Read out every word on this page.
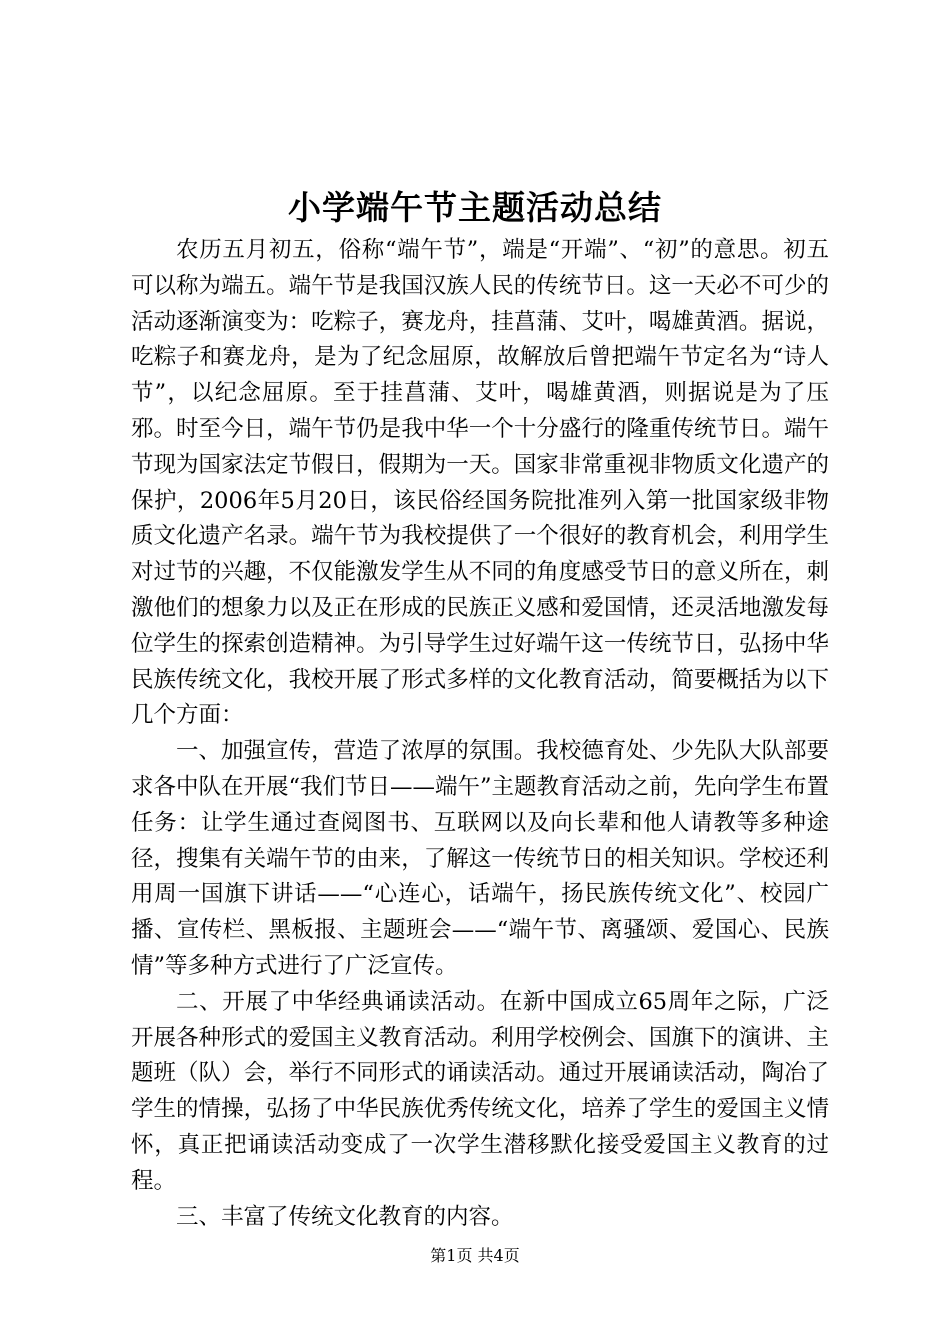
小学端午节主题活动总结

农历五月初五，俗称“端午节”，端是“开端”、“初”的意思。初五可以称为端五。端午节是我国汉族人民的传统节日。这一天必不可少的活动逐渐演变为：吃粽子，赛龙舟，挂菖蒲、艾叶，喝雄黄酒。据说，吃粽子和赛龙舟，是为了纪念屈原，故解放后曾把端午节定名为“诗人节”，以纪念屈原。至于挂菖蒲、艾叶，喝雄黄酒，则据说是为了压邪。时至今日，端午节仍是我中华一个十分盛行的隆重传统节日。端午节现为国家法定节假日，假期为一天。国家非常重视非物质文化遗产的保护，2006年5月20日，该民俗经国务院批准列入第一批国家级非物质文化遗产名录。端午节为我校提供了一个很好的教育机会，利用学生对过节的兴趣，不仅能激发学生从不同的角度感受节日的意义所在，刺激他们的想象力以及正在形成的民族正义感和爱国情，还灵活地激发每位学生的探索创造精神。为引导学生过好端午这一传统节日，弘扬中华民族传统文化，我校开展了形式多样的文化教育活动，简要概括为以下几个方面：

一、加强宣传，营造了浓厚的氛围。我校德育处、少先队大队部要求各中队在开展“我们节日——端午”主题教育活动之前，先向学生布置任务：让学生通过查阅图书、互联网以及向长辈和他人请教等多种途径，搜集有关端午节的由来，了解这一传统节日的相关知识。学校还利用周一国旗下讲话——“心连心，话端午，扬民族传统文化”、校园广播、宣传栏、黑板报、主题班会——“端午节、离骚颂、爱国心、民族情”等多种方式进行了广泛宣传。

二、开展了中华经典诵读活动。在新中国成立65周年之际，广泛开展各种形式的爱国主义教育活动。利用学校例会、国旗下的演讲、主题班（队）会，举行不同形式的诵读活动。通过开展诵读活动，陶冶了学生的情操，弘扬了中华民族优秀传统文化，培养了学生的爱国主义情怀，真正把诵读活动变成了一次学生潜移默化接受爱国主义教育的过程。

三、丰富了传统文化教育的内容。

第1页 共4页
